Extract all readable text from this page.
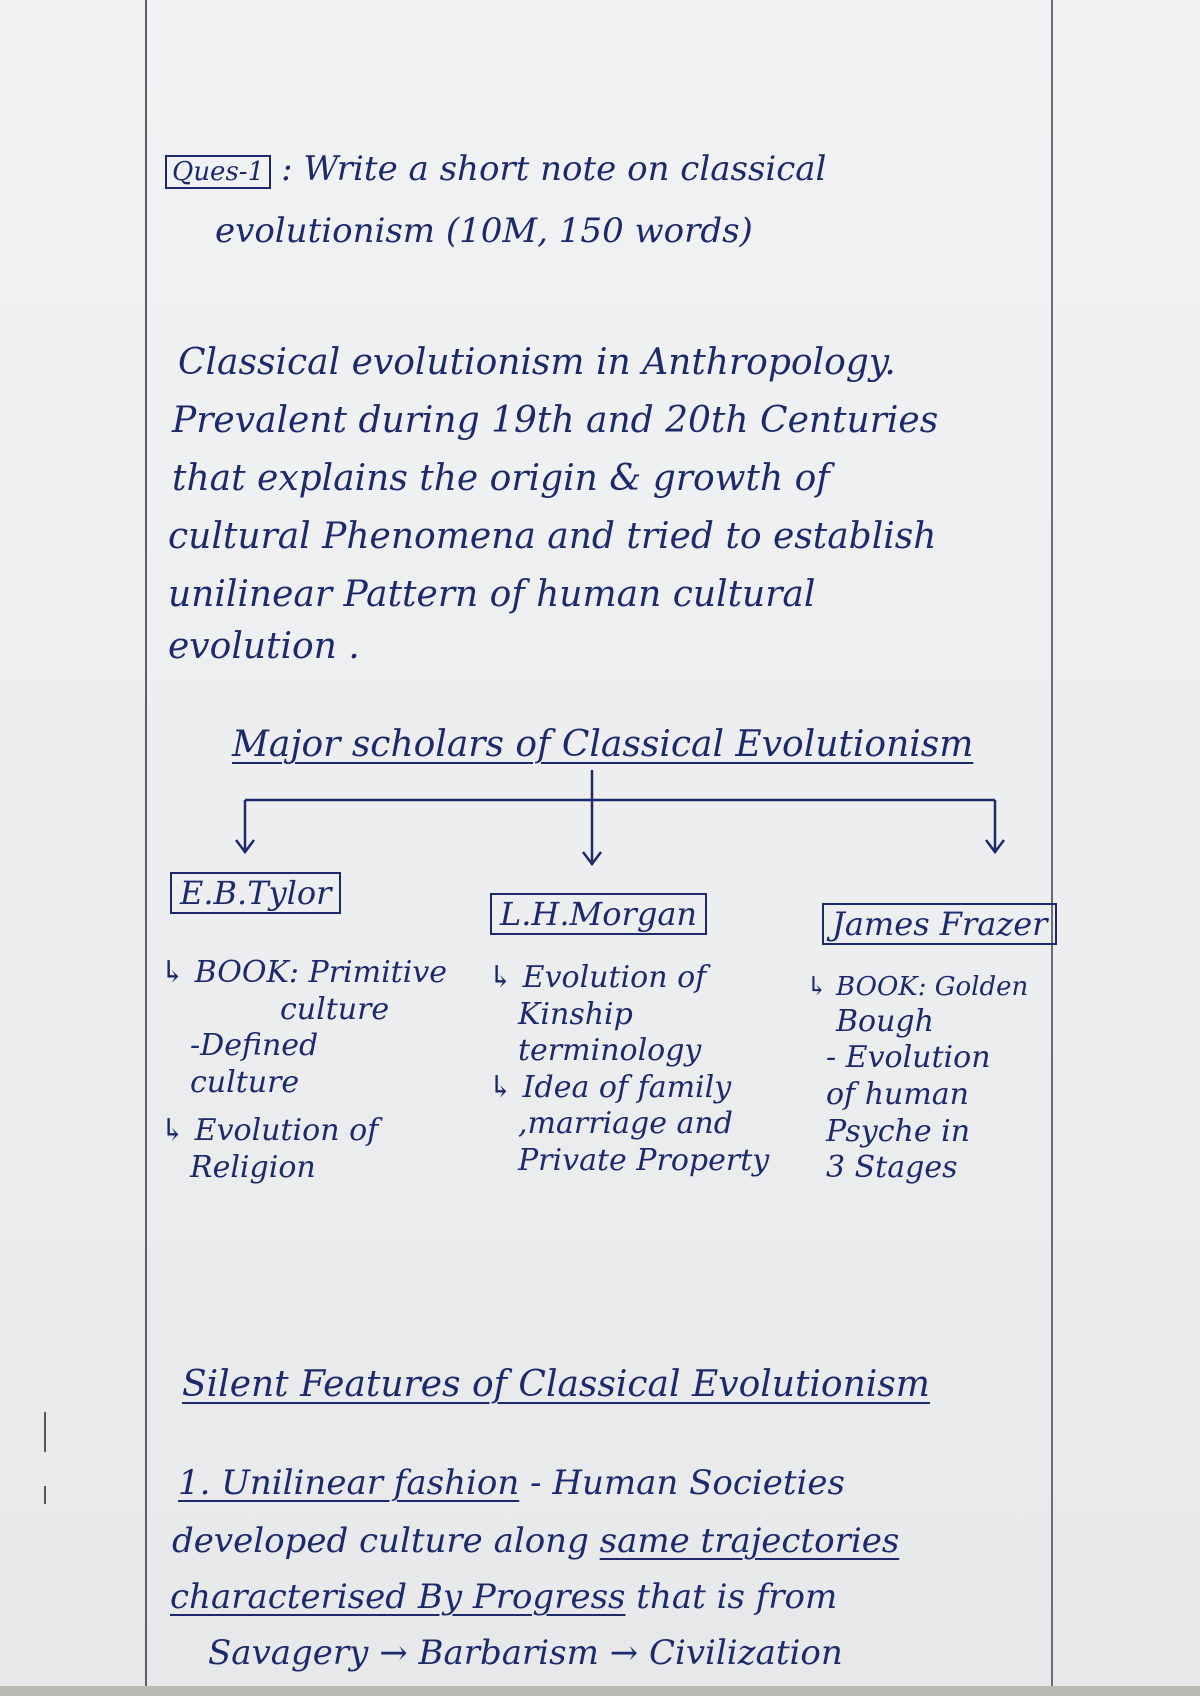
Ques-1 : Write a short note on classical
evolutionism (10M, 150 words)
Classical evolutionism in Anthropology.
Prevalent during 19th and 20th Centuries
that explains the origin & growth of
cultural Phenomena and tried to establish
unilinear Pattern of human cultural
evolution .
Major scholars of Classical Evolutionism
E.B.Tylor
L.H.Morgan	James Frazer
↳ BOOK: Primitive
culture
-Defined
culture
↳ Evolution of
Religion
↳ Evolution of
Kinship
terminology
↳ Idea of family
,marriage and
Private Property
↳ BOOK: Golden
Bough
- Evolution
of human
Psyche in
3 Stages
Silent Features of Classical Evolutionism
1. Unilinear fashion - Human Societies
developed culture along same trajectories
characterised By Progress that is from
Savagery → Barbarism → Civilization
